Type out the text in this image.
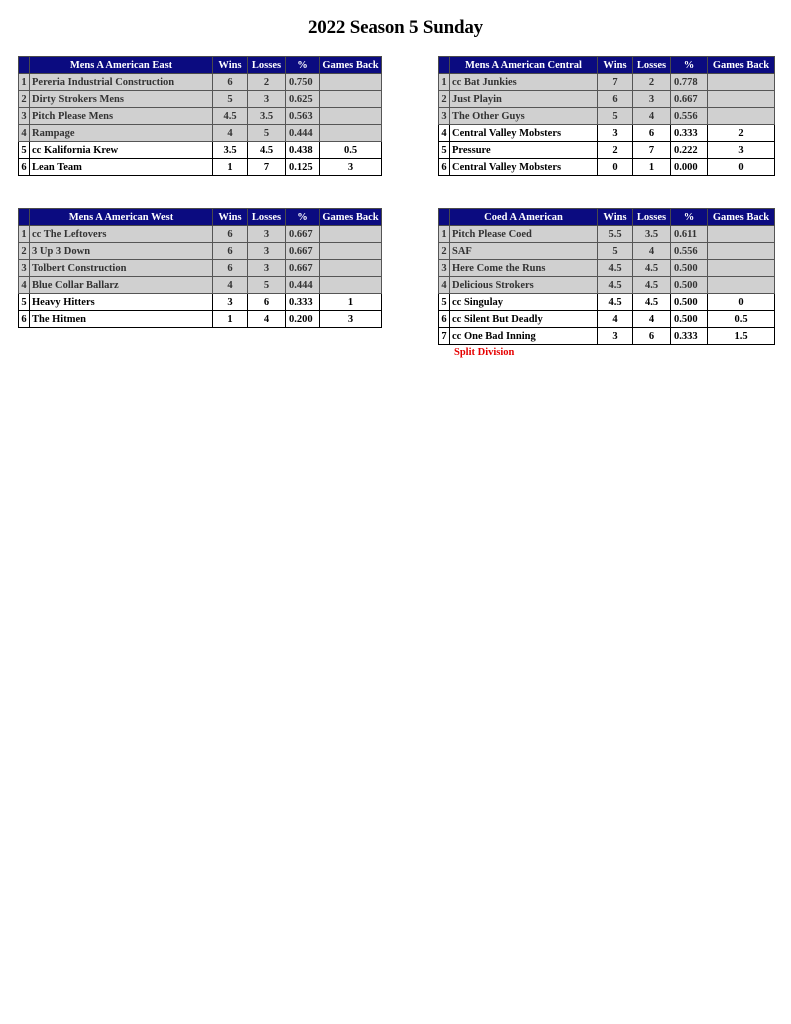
2022 Season 5 Sunday
	Mens A American East	Wins	Losses	%	Games Back
1	Pereria Industrial Construction	6	2	0.750	
2	Dirty Strokers Mens	5	3	0.625	
3	Pitch Please Mens	4.5	3.5	0.563	
4	Rampage	4	5	0.444	
5	cc Kalifornia Krew	3.5	4.5	0.438	0.5
6	Lean Team	1	7	0.125	3
	Mens A American Central	Wins	Losses	%	Games Back
1	cc Bat Junkies	7	2	0.778	
2	Just Playin	6	3	0.667	
3	The Other Guys	5	4	0.556	
4	Central Valley Mobsters	3	6	0.333	2
5	Pressure	2	7	0.222	3
6	Central Valley Mobsters	0	1	0.000	0
	Mens A American West	Wins	Losses	%	Games Back
1	cc The Leftovers	6	3	0.667	
2	3 Up 3 Down	6	3	0.667	
3	Tolbert Construction	6	3	0.667	
4	Blue Collar Ballarz	4	5	0.444	
5	Heavy Hitters	3	6	0.333	1
6	The Hitmen	1	4	0.200	3
	Coed A American	Wins	Losses	%	Games Back
1	Pitch Please Coed	5.5	3.5	0.611	
2	SAF	5	4	0.556	
3	Here Come the Runs	4.5	4.5	0.500	
4	Delicious Strokers	4.5	4.5	0.500	
5	cc Singulay	4.5	4.5	0.500	0
6	cc Silent But Deadly	4	4	0.500	0.5
7	cc One Bad Inning	3	6	0.333	1.5

Split Division
